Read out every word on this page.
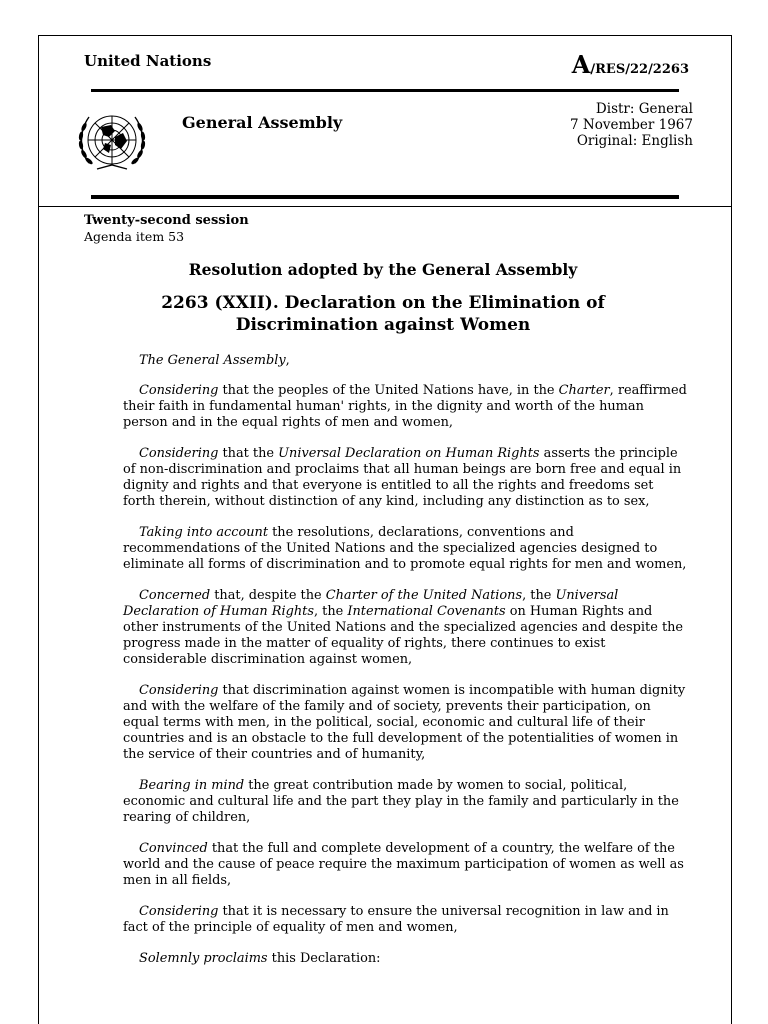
United Nations	A/RES/22/2263
General Assembly
Distr: General
7 November 1967
Original: English
Twenty-second session
Agenda item 53
Resolution adopted by the General Assembly
2263 (XXII). Declaration on the Elimination of
Discrimination against Women

The General Assembly,

Considering that the peoples of the United Nations have, in the Charter, reaffirmed their faith in fundamental human' rights, in the dignity and worth of the human person and in the equal rights of men and women,

Considering that the Universal Declaration on Human Rights asserts the principle of non-discrimination and proclaims that all human beings are born free and equal in dignity and rights and that everyone is entitled to all the rights and freedoms set forth therein, without distinction of any kind, including any distinction as to sex,

Taking into account the resolutions, declarations, conventions and recommendations of the United Nations and the specialized agencies designed to eliminate all forms of discrimination and to promote equal rights for men and women,

Concerned that, despite the Charter of the United Nations, the Universal Declaration of Human Rights, the International Covenants on Human Rights and other instruments of the United Nations and the specialized agencies and despite the progress made in the matter of equality of rights, there continues to exist considerable discrimination against women,

Considering that discrimination against women is incompatible with human dignity and with the welfare of the family and of society, prevents their participation, on equal terms with men, in the political, social, economic and cultural life of their countries and is an obstacle to the full development of the potentialities of women in the service of their countries and of humanity,

Bearing in mind the great contribution made by women to social, political, economic and cultural life and the part they play in the family and particularly in the rearing of children,

Convinced that the full and complete development of a country, the welfare of the world and the cause of peace require the maximum participation of women as well as men in all fields,

Considering that it is necessary to ensure the universal recognition in law and in fact of the principle of equality of men and women,

Solemnly proclaims this Declaration:
